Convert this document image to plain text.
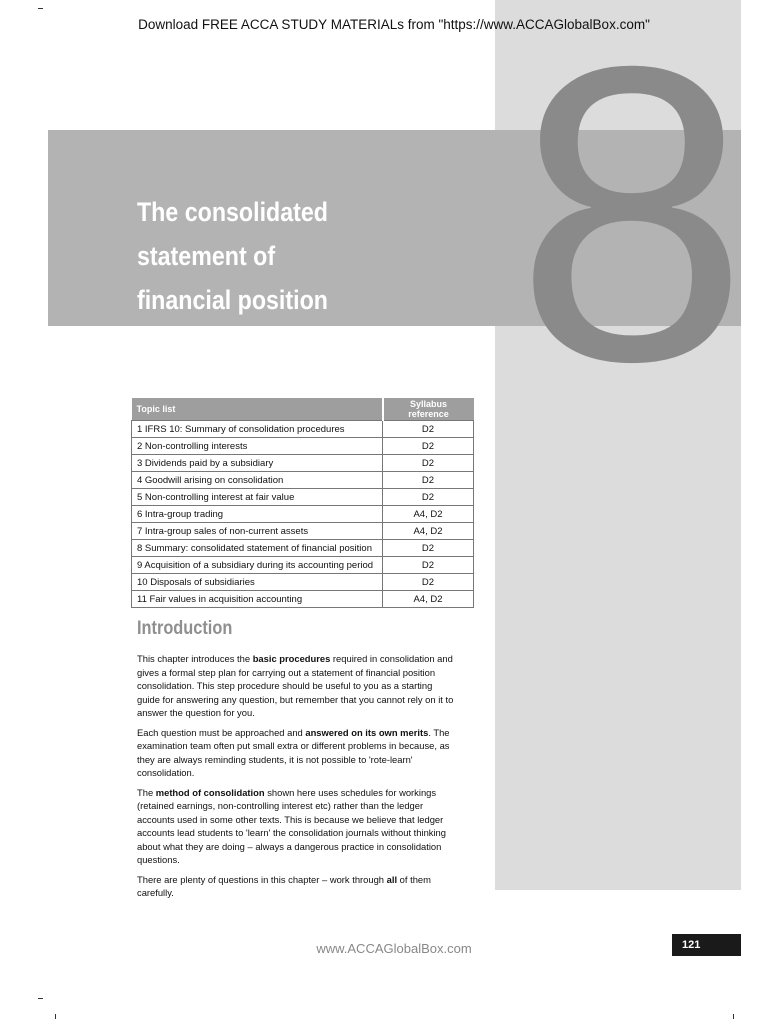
8
Download FREE ACCA STUDY MATERIALs from "https://www.ACCAGlobalBox.com"
The consolidated
statement of
financial position
Topic list	Syllabus reference
1 IFRS 10: Summary of consolidation procedures	D2
2 Non-controlling interests	D2
3 Dividends paid by a subsidiary	D2
4 Goodwill arising on consolidation	D2
5 Non-controlling interest at fair value	D2
6 Intra-group trading	A4, D2
7 Intra-group sales of non-current assets	A4, D2
8 Summary: consolidated statement of financial position	D2
9 Acquisition of a subsidiary during its accounting period	D2
10 Disposals of subsidiaries	D2
11 Fair values in acquisition accounting	A4, D2
Introduction

This chapter introduces the basic procedures required in consolidation and gives a formal step plan for carrying out a statement of financial position consolidation. This step procedure should be useful to you as a starting guide for answering any question, but remember that you cannot rely on it to answer the question for you.

Each question must be approached and answered on its own merits. The examination team often put small extra or different problems in because, as they are always reminding students, it is not possible to 'rote-learn' consolidation.

The method of consolidation shown here uses schedules for workings (retained earnings, non-controlling interest etc) rather than the ledger accounts used in some other texts. This is because we believe that ledger accounts lead students to 'learn' the consolidation journals without thinking about what they are doing – always a dangerous practice in consolidation questions.

There are plenty of questions in this chapter – work through all of them carefully.

www.ACCAGlobalBox.com	121
